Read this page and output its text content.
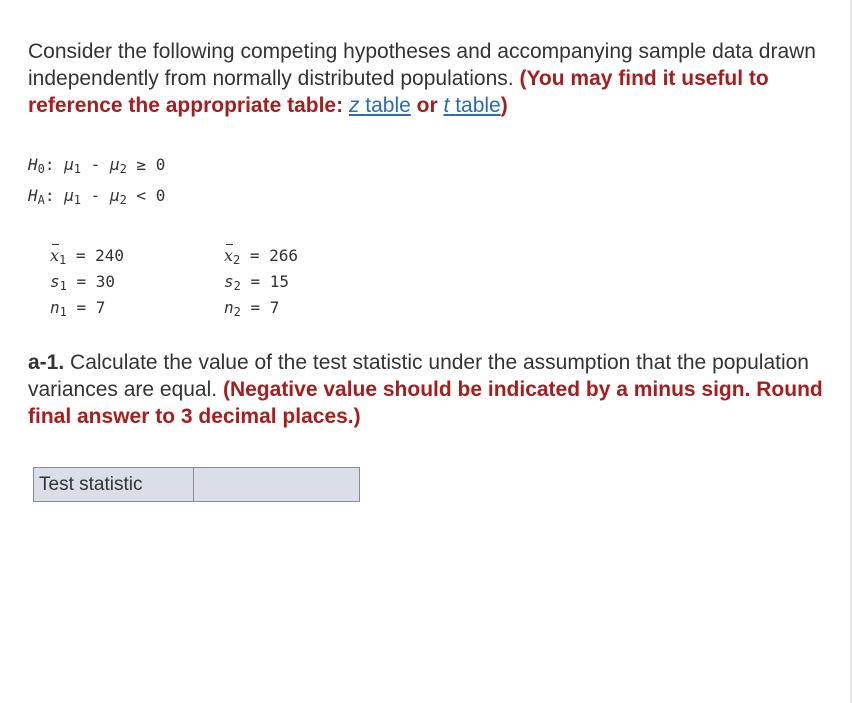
Consider the following competing hypotheses and accompanying sample data drawn independently from normally distributed populations. (You may find it useful to reference the appropriate table: z table or t table)
H0: μ1 - μ2 ≥ 0
HA: μ1 - μ2 < 0
x1 = 240
s1 = 30
n1 = 7
x2 = 266
s2 = 15
n2 = 7
a-1. Calculate the value of the test statistic under the assumption that the population variances are equal. (Negative value should be indicated by a minus sign. Round final answer to 3 decimal places.)
Test statistic	
